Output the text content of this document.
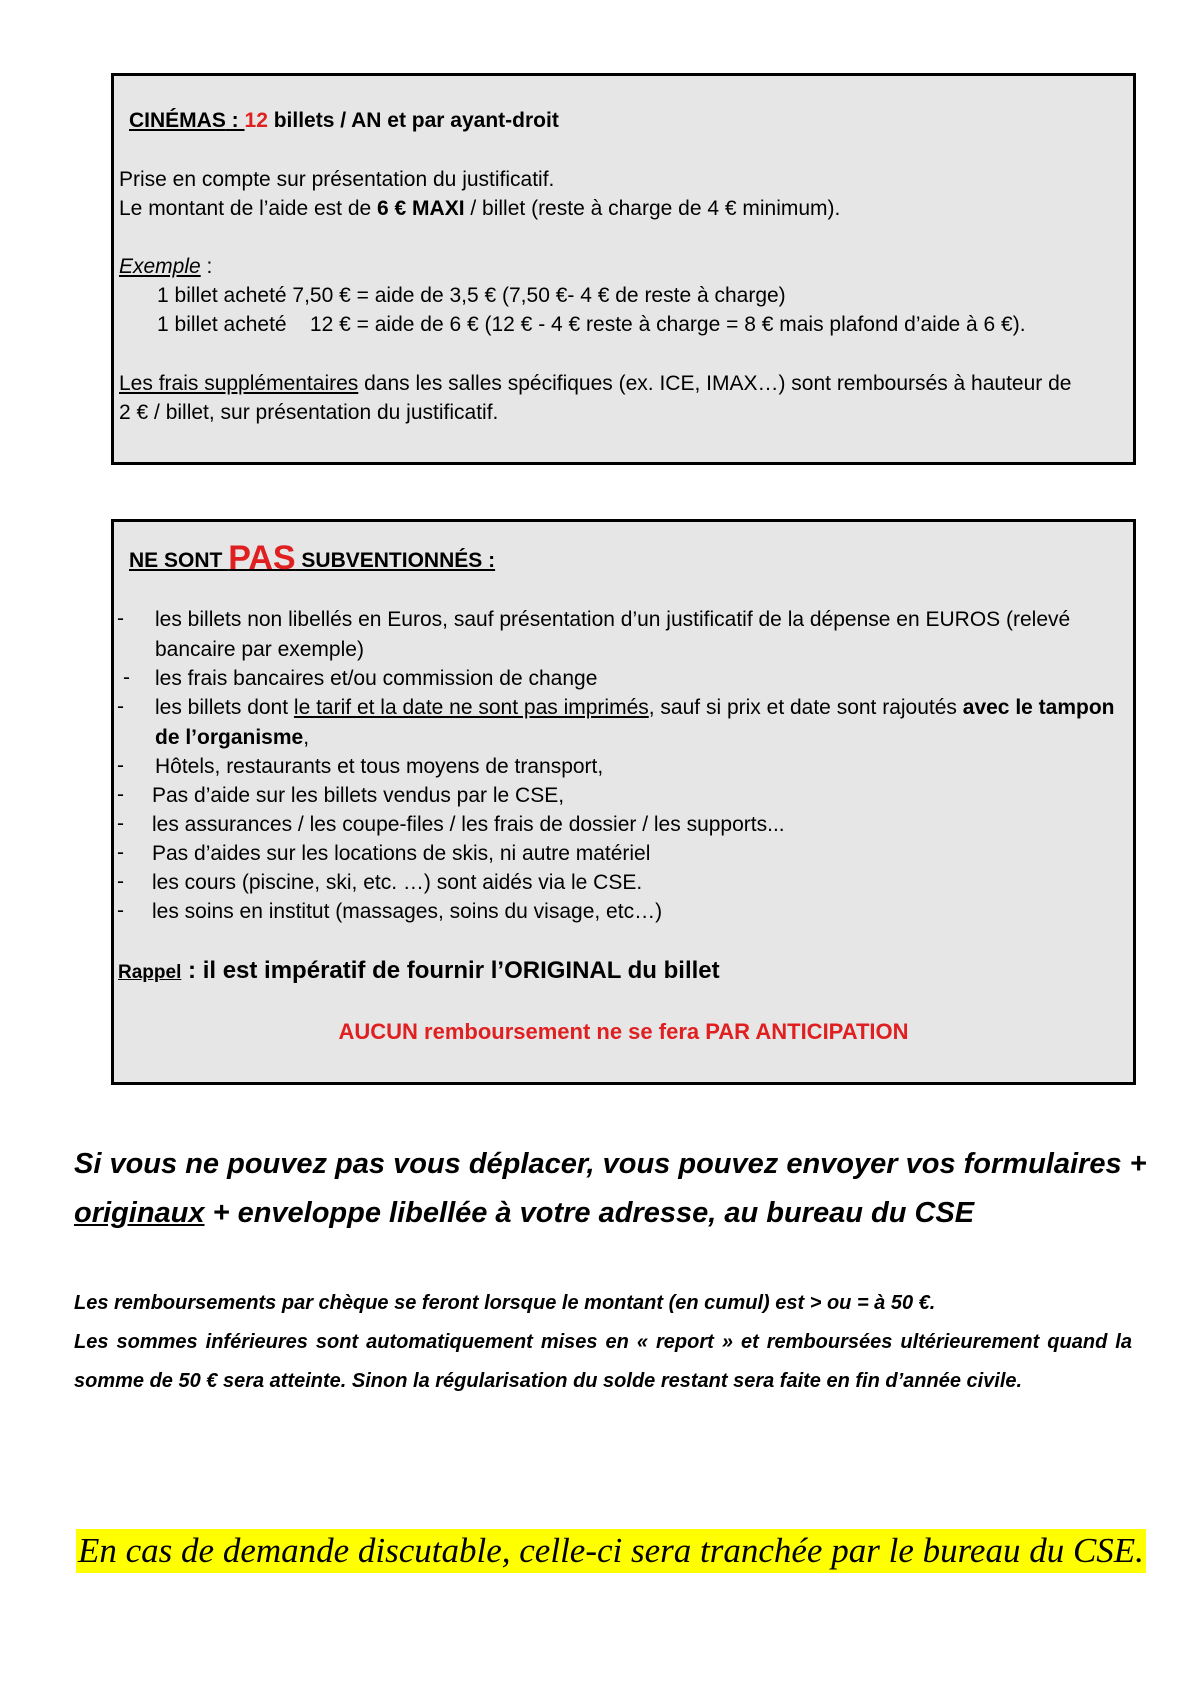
CINÉMAS : 12 billets / AN et par ayant-droit
Prise en compte sur présentation du justificatif.
Le montant de l’aide est de 6 € MAXI / billet (reste à charge de 4 € minimum).
Exemple :
1 billet acheté 7,50 € = aide de 3,5 € (7,50 €- 4 € de reste à charge)
1 billet acheté    12 € = aide de 6 € (12 € - 4 € reste à charge = 8 € mais plafond d’aide à 6 €).
Les frais supplémentaires dans les salles spécifiques (ex. ICE, IMAX…) sont remboursés à hauteur de
2 € / billet, sur présentation du justificatif.
NE SONT PAS SUBVENTIONNÉS :
- les billets non libellés en Euros, sauf présentation d’un justificatif de la dépense en EUROS (relevé bancaire par exemple)
- les frais bancaires et/ou commission de change
- les billets dont le tarif et la date ne sont pas imprimés, sauf si prix et date sont rajoutés avec le tampon de l’organisme,
- Hôtels, restaurants et tous moyens de transport,
- Pas d’aide sur les billets vendus par le CSE,
- les assurances / les coupe-files / les frais de dossier / les supports...
- Pas d’aides sur les locations de skis, ni autre matériel
- les cours (piscine, ski, etc. …) sont aidés via le CSE.
- les soins en institut (massages, soins du visage, etc…)
Rappel : il est impératif de fournir l’ORIGINAL du billet
AUCUN remboursement ne se fera PAR ANTICIPATION
Si vous ne pouvez pas vous déplacer, vous pouvez envoyer vos formulaires +
originaux + enveloppe libellée à votre adresse, au bureau du CSE
Les remboursements par chèque se feront lorsque le montant (en cumul) est > ou = à 50 €.
Les sommes inférieures sont automatiquement mises en « report » et remboursées ultérieurement quand la somme de 50 € sera atteinte. Sinon la régularisation du solde restant sera faite en fin d’année civile.
En cas de demande discutable, celle-ci sera tranchée par le bureau du CSE.
